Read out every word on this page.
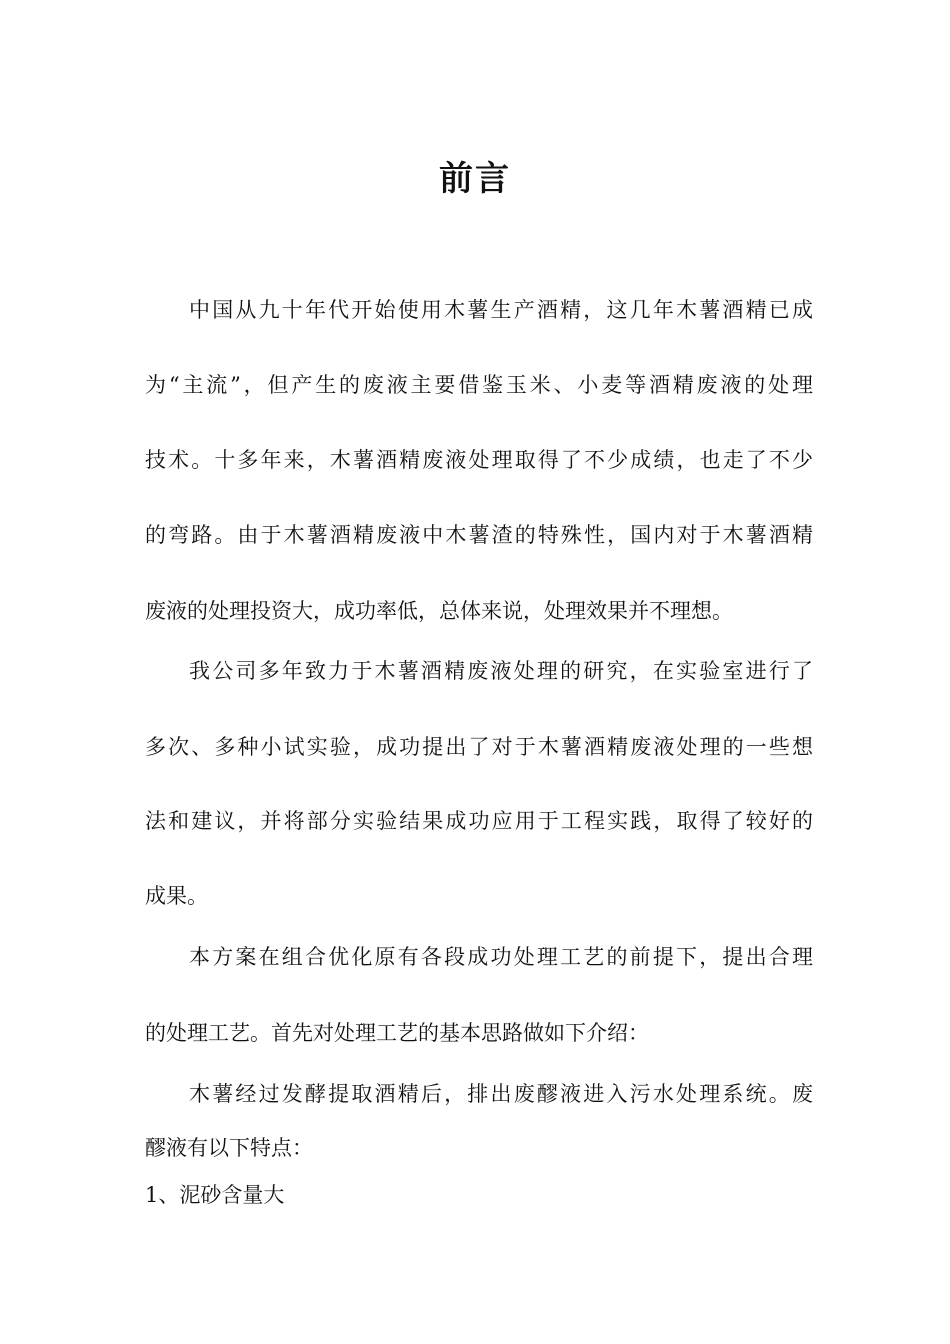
前言

中国从九十年代开始使用木薯生产酒精，这几年木薯酒精已成

为“主流”，但产生的废液主要借鉴玉米、小麦等酒精废液的处理

技术。十多年来，木薯酒精废液处理取得了不少成绩，也走了不少

的弯路。由于木薯酒精废液中木薯渣的特殊性，国内对于木薯酒精

废液的处理投资大，成功率低，总体来说，处理效果并不理想。

我公司多年致力于木薯酒精废液处理的研究，在实验室进行了

多次、多种小试实验，成功提出了对于木薯酒精废液处理的一些想

法和建议，并将部分实验结果成功应用于工程实践，取得了较好的

成果。

本方案在组合优化原有各段成功处理工艺的前提下，提出合理

的处理工艺。首先对处理工艺的基本思路做如下介绍：

木薯经过发酵提取酒精后，排出废醪液进入污水处理系统。废

醪液有以下特点：

1、泥砂含量大
